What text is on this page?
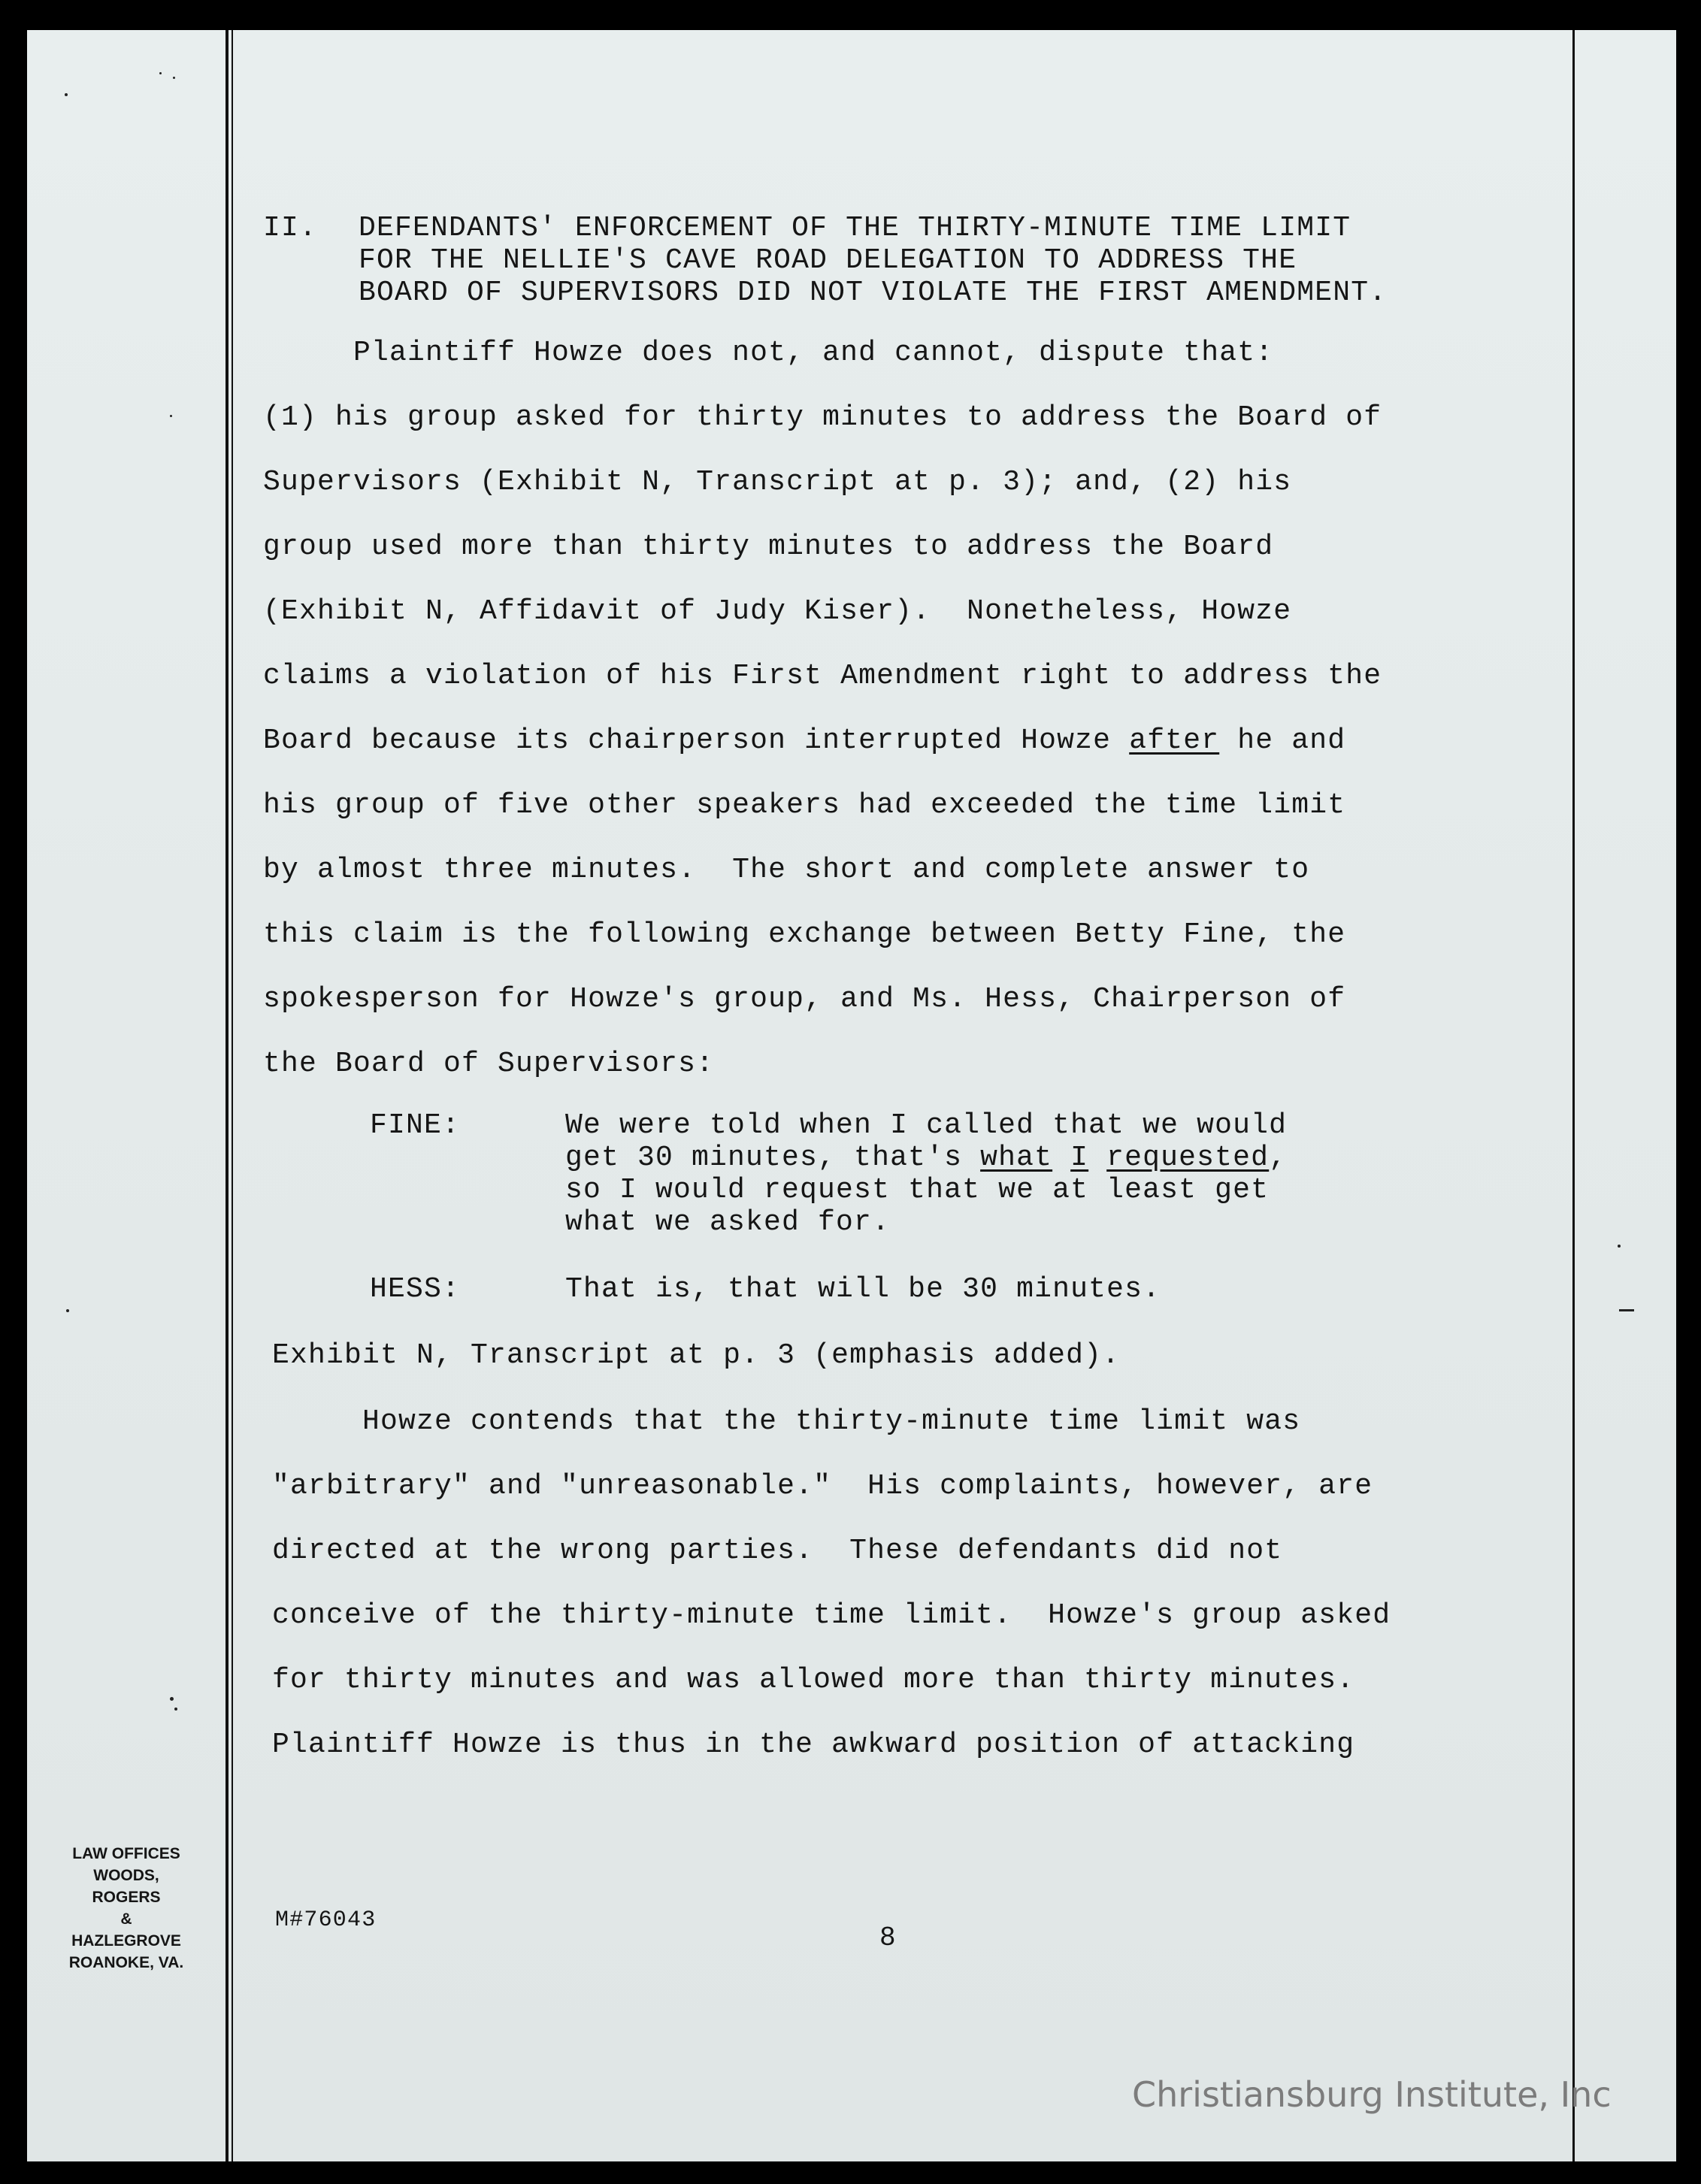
II. DEFENDANTS' ENFORCEMENT OF THE THIRTY-MINUTE TIME LIMIT
FOR THE NELLIE'S CAVE ROAD DELEGATION TO ADDRESS THE
BOARD OF SUPERVISORS DID NOT VIOLATE THE FIRST AMENDMENT.
Plaintiff Howze does not, and cannot, dispute that:
(1) his group asked for thirty minutes to address the Board of
Supervisors (Exhibit N, Transcript at p. 3); and, (2) his
group used more than thirty minutes to address the Board
(Exhibit N, Affidavit of Judy Kiser).  Nonetheless, Howze
claims a violation of his First Amendment right to address the
Board because its chairperson interrupted Howze after he and
his group of five other speakers had exceeded the time limit
by almost three minutes.  The short and complete answer to
this claim is the following exchange between Betty Fine, the
spokesperson for Howze's group, and Ms. Hess, Chairperson of
the Board of Supervisors:
FINE:	We were told when I called that we would
get 30 minutes, that's what I requested,
so I would request that we at least get
what we asked for.
HESS:	That is, that will be 30 minutes.
Exhibit N, Transcript at p. 3 (emphasis added).
Howze contends that the thirty-minute time limit was
"arbitrary" and "unreasonable."  His complaints, however, are
directed at the wrong parties.  These defendants did not
conceive of the thirty-minute time limit.  Howze's group asked
for thirty minutes and was allowed more than thirty minutes.
Plaintiff Howze is thus in the awkward position of attacking
LAW OFFICES
WOODS, ROGERS
& HAZLEGROVE
ROANOKE, VA.
M#76043
8
Christiansburg Institute, Inc
